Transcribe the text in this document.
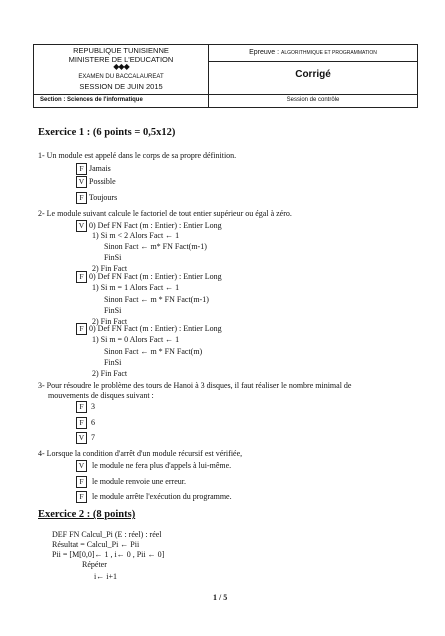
REPUBLIQUE TUNISIENNE
MINISTERE DE L'EDUCATION
◆◆◆
EXAMEN DU BACCALAUREAT
SESSION DE JUIN 2015
Section : Sciences de l'informatique
Epreuve : ALGORITHMIQUE ET PROGRAMMATION
Corrigé
Session de contrôle
Exercice 1 : (6 points = 0,5x12)
1- Un module est appelé dans le corps de sa propre définition.
F Jamais
V Possible
F Toujours
2- Le module suivant calcule le factoriel de tout entier supérieur ou égal à zéro.
V 0) Def FN Fact (m : Entier) : Entier Long
1) Si m < 2 Alors Fact ← 1
Sinon Fact ← m* FN Fact(m-1)
FinSi
2) Fin Fact
F 0) Def FN Fact (m : Entier) : Entier Long
1) Si m = 1 Alors Fact ← 1
Sinon Fact ← m * FN Fact(m-1)
FinSi
2) Fin Fact
F 0) Def FN Fact (m : Entier) : Entier Long
1) Si m = 0 Alors Fact ← 1
Sinon Fact ← m * FN Fact(m)
FinSi
2) Fin Fact
3- Pour résoudre le problème des tours de Hanoi à 3 disques, il faut réaliser le nombre minimal de
mouvements de disques suivant :
F 3
F 6
V 7
4- Lorsque la condition d'arrêt d'un module récursif est vérifiée,
V le module ne fera plus d'appels à lui-même.
F le module renvoie une erreur.
F le module arrête l'exécution du programme.
Exercice 2 : (8 points)
DEF FN Calcul_Pi (E : réel) : réel
Résultat = Calcul_Pi ← Pii
Pii = [M[0,0]← 1 , i← 0 , Pii ← 0]
Répéter
i← i+1
1 / 5
